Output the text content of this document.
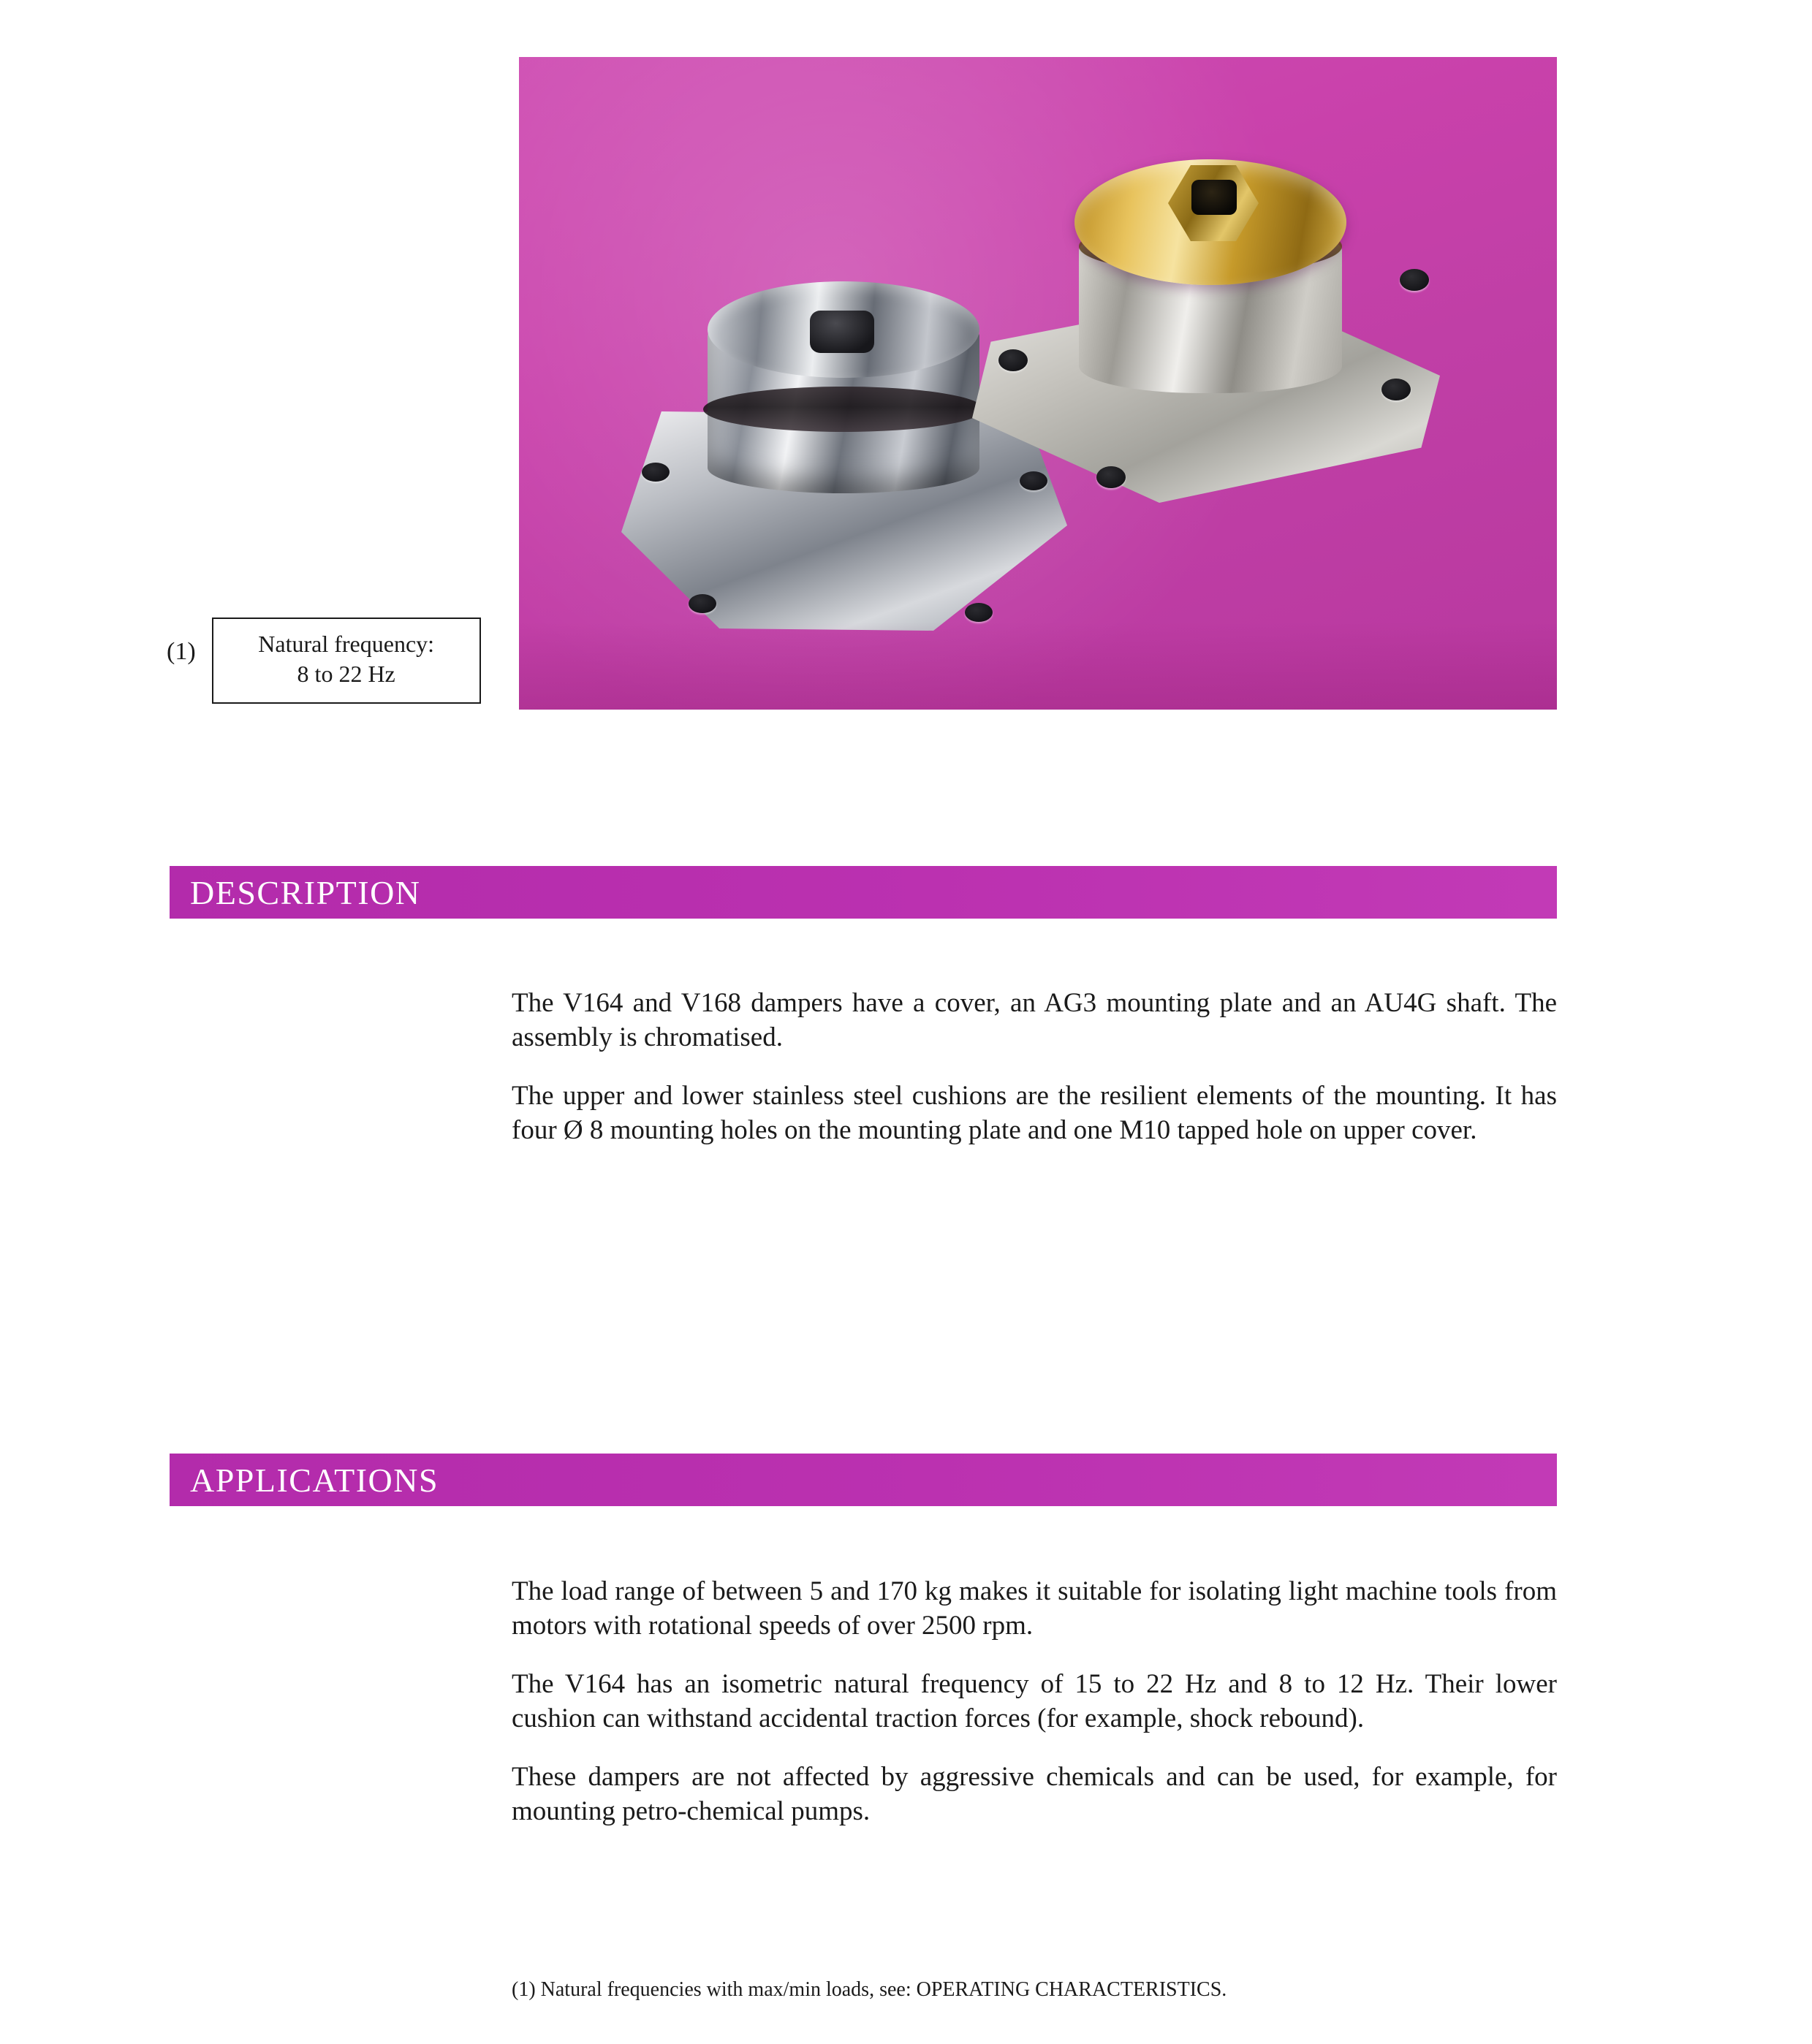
(1)	Natural frequency:
8 to 22 Hz
DESCRIPTION

The V164 and V168 dampers have a cover, an AG3 mounting plate and an AU4G shaft. The assembly is chromatised.

The upper and lower stainless steel cushions are the resilient elements of the mounting. It has four Ø 8 mounting holes on the mounting plate and one M10 tapped hole on upper cover.

APPLICATIONS

The load range of between 5 and 170 kg makes it suitable for isolating light machine tools from motors with rotational speeds of over 2500 rpm.

The V164 has an isometric natural frequency of 15 to 22 Hz and 8 to 12 Hz. Their lower cushion can withstand accidental traction forces (for example, shock rebound).

These dampers are not affected by aggressive chemicals and can be used, for example, for mounting petro-chemical pumps.

(1) Natural frequencies with max/min loads, see: OPERATING CHARACTERISTICS.
